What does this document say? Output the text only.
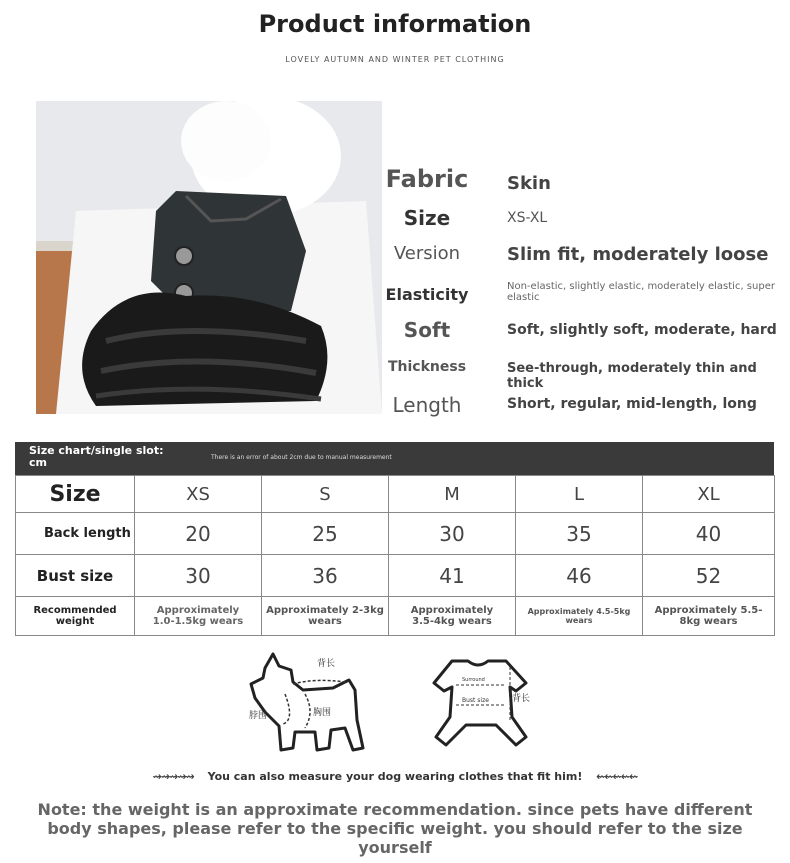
Product information
LOVELY AUTUMN AND WINTER PET CLOTHING
Fabric Skin
Size	XS-XL
Version	Slim fit, moderately loose
Elasticity	Non-elastic, slightly elastic, moderately elastic, super elastic
Soft	Soft, slightly soft, moderate, hard
Thickness	See-through, moderately thin and thick
Length	Short, regular, mid-length, long
Size chart/single slot: cm	There is an error of about 2cm due to manual measurement
Size	XS	S	M	L	XL
Back length	20	25	30	35	40
Bust size	30	36	41	46	52
Recommended weight	Approximately 1.0-1.5kg wears	Approximately 2-3kg wears	Approximately 3.5-4kg wears	Approximately 4.5-5kg wears	Approximately 5.5-8kg wears
背长
脖围	胸围
Surround
Bust size	背长
⇝⇝⇝⇝⇝ You can also measure your dog wearing clothes that fit him! ⇜⇜⇜⇜⇜
Note: the weight is an approximate recommendation. since pets have different body shapes, please refer to the specific weight. you should refer to the size yourself
